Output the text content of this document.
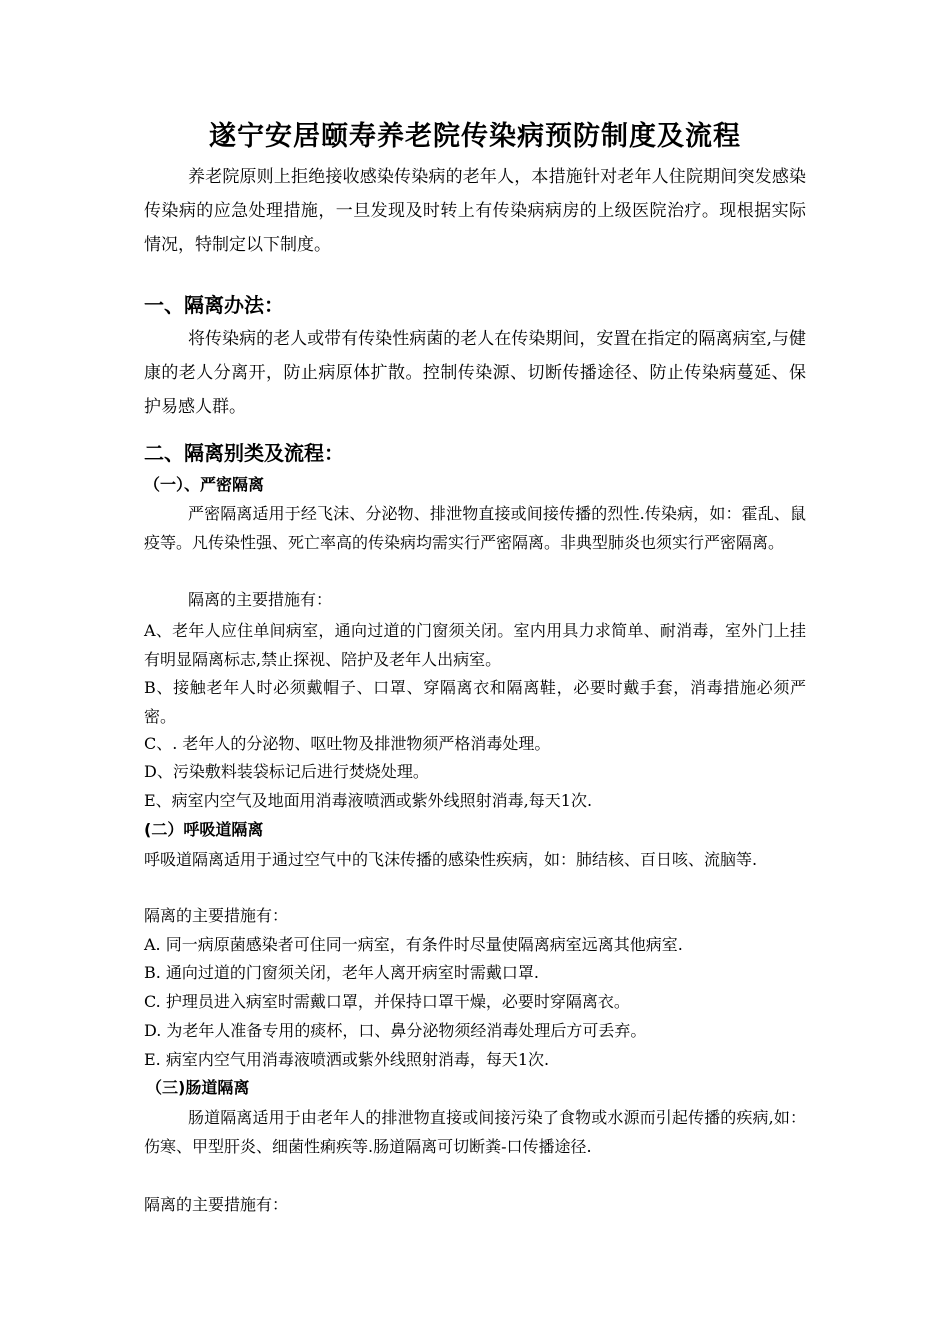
遂宁安居颐寿养老院传染病预防制度及流程
养老院原则上拒绝接收感染传染病的老年人，本措施针对老年人住院期间突发感染传染病的应急处理措施，一旦发现及时转上有传染病病房的上级医院治疗。现根据实际情况，特制定以下制度。
一、隔离办法：
将传染病的老人或带有传染性病菌的老人在传染期间，安置在指定的隔离病室,与健康的老人分离开，防止病原体扩散。控制传染源、切断传播途径、防止传染病蔓延、保护易感人群。
二、隔离别类及流程：
（一）、严密隔离
严密隔离适用于经飞沫、分泌物、排泄物直接或间接传播的烈性.传染病，如：霍乱、鼠疫等。凡传染性强、死亡率高的传染病均需实行严密隔离。非典型肺炎也须实行严密隔离。
隔离的主要措施有：
A、老年人应住单间病室，通向过道的门窗须关闭。室内用具力求简单、耐消毒，室外门上挂有明显隔离标志,禁止探视、陪护及老年人出病室。
B、接触老年人时必须戴帽子、口罩、穿隔离衣和隔离鞋，必要时戴手套，消毒措施必须严密。
C、. 老年人的分泌物、呕吐物及排泄物须严格消毒处理。
D、污染敷料装袋标记后进行焚烧处理。
E、病室内空气及地面用消毒液喷洒或紫外线照射消毒,每天1次.
(二）呼吸道隔离
呼吸道隔离适用于通过空气中的飞沫传播的感染性疾病，如：肺结核、百日咳、流脑等.
隔离的主要措施有：
A. 同一病原菌感染者可住同一病室，有条件时尽量使隔离病室远离其他病室.
B. 通向过道的门窗须关闭，老年人离开病室时需戴口罩.
C. 护理员进入病室时需戴口罩，并保持口罩干燥，必要时穿隔离衣。
D. 为老年人准备专用的痰杯，口、鼻分泌物须经消毒处理后方可丢弃。
E. 病室内空气用消毒液喷洒或紫外线照射消毒，每天1次.
（三)肠道隔离
肠道隔离适用于由老年人的排泄物直接或间接污染了食物或水源而引起传播的疾病,如：伤寒、甲型肝炎、细菌性痢疾等.肠道隔离可切断粪-口传播途径.
隔离的主要措施有：
